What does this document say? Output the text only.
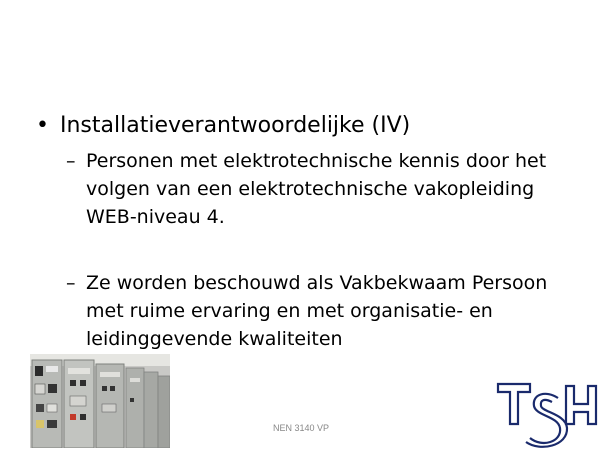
• Installatieverantwoordelijke (IV)
– Personen met elektrotechnische kennis door het volgen van een elektrotechnische vakopleiding WEB-niveau 4.
– Ze worden beschouwd als Vakbekwaam Persoon met ruime ervaring en met organisatie- en leidinggevende kwaliteiten
NEN 3140 VP
